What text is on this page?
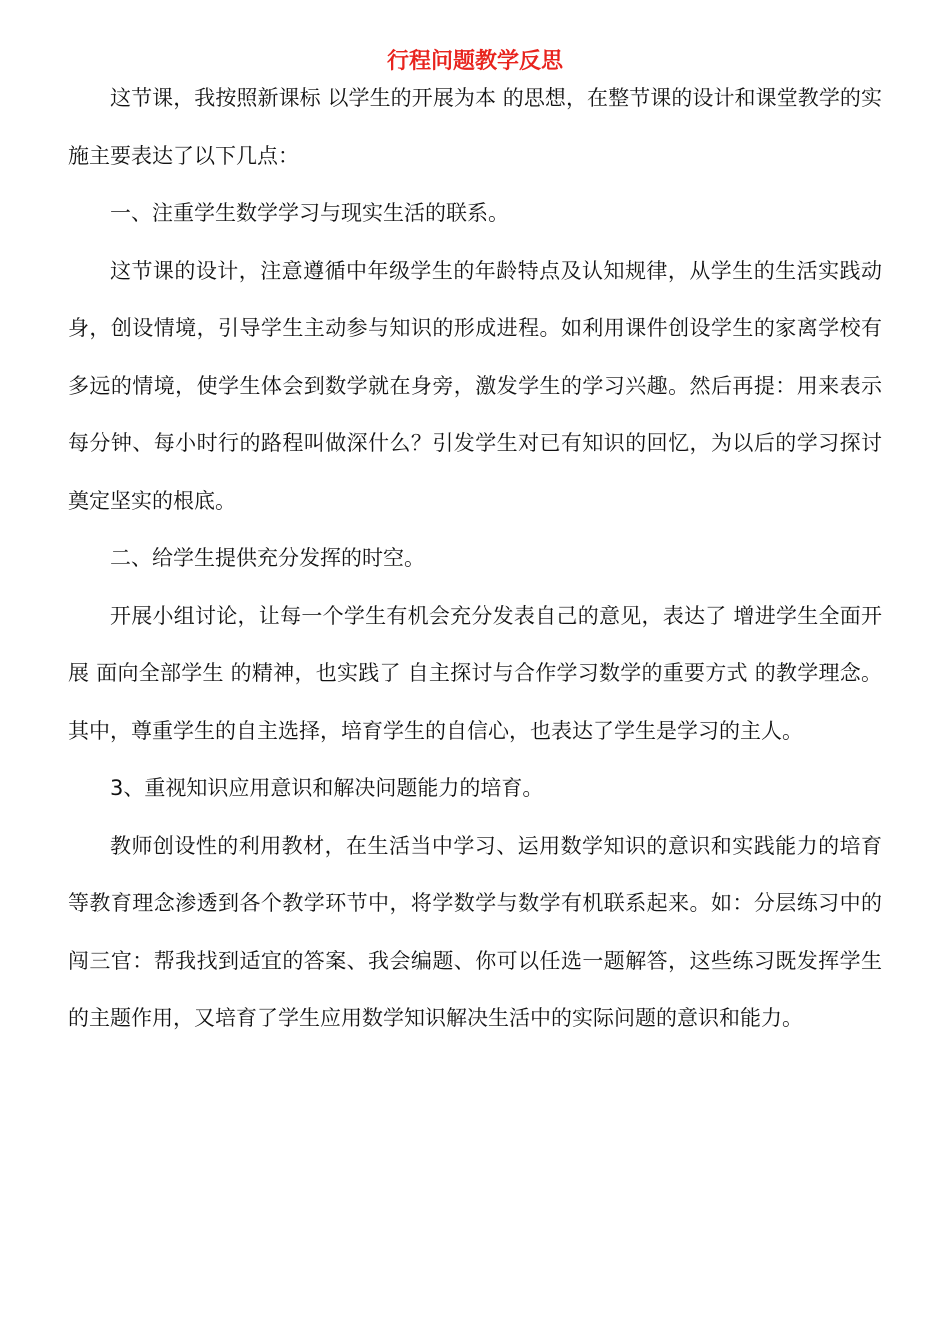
行程问题教学反思

这节课，我按照新课标 以学生的开展为本 的思想，在整节课的设计和课堂教学的实施主要表达了以下几点：

一、注重学生数学学习与现实生活的联系。

这节课的设计，注意遵循中年级学生的年龄特点及认知规律，从学生的生活实践动身，创设情境，引导学生主动参与知识的形成进程。如利用课件创设学生的家离学校有多远的情境，使学生体会到数学就在身旁，激发学生的学习兴趣。然后再提：用来表示每分钟、每小时行的路程叫做深什么？引发学生对已有知识的回忆，为以后的学习探讨奠定坚实的根底。

二、给学生提供充分发挥的时空。

开展小组讨论，让每一个学生有机会充分发表自己的意见，表达了 增进学生全面开展 面向全部学生 的精神，也实践了 自主探讨与合作学习数学的重要方式 的教学理念。其中，尊重学生的自主选择，培育学生的自信心，也表达了学生是学习的主人。

3、重视知识应用意识和解决问题能力的培育。

教师创设性的利用教材，在生活当中学习、运用数学知识的意识和实践能力的培育等教育理念渗透到各个教学环节中，将学数学与数学有机联系起来。如：分层练习中的闯三官：帮我找到适宜的答案、我会编题、你可以任选一题解答，这些练习既发挥学生的主题作用，又培育了学生应用数学知识解决生活中的实际问题的意识和能力。
